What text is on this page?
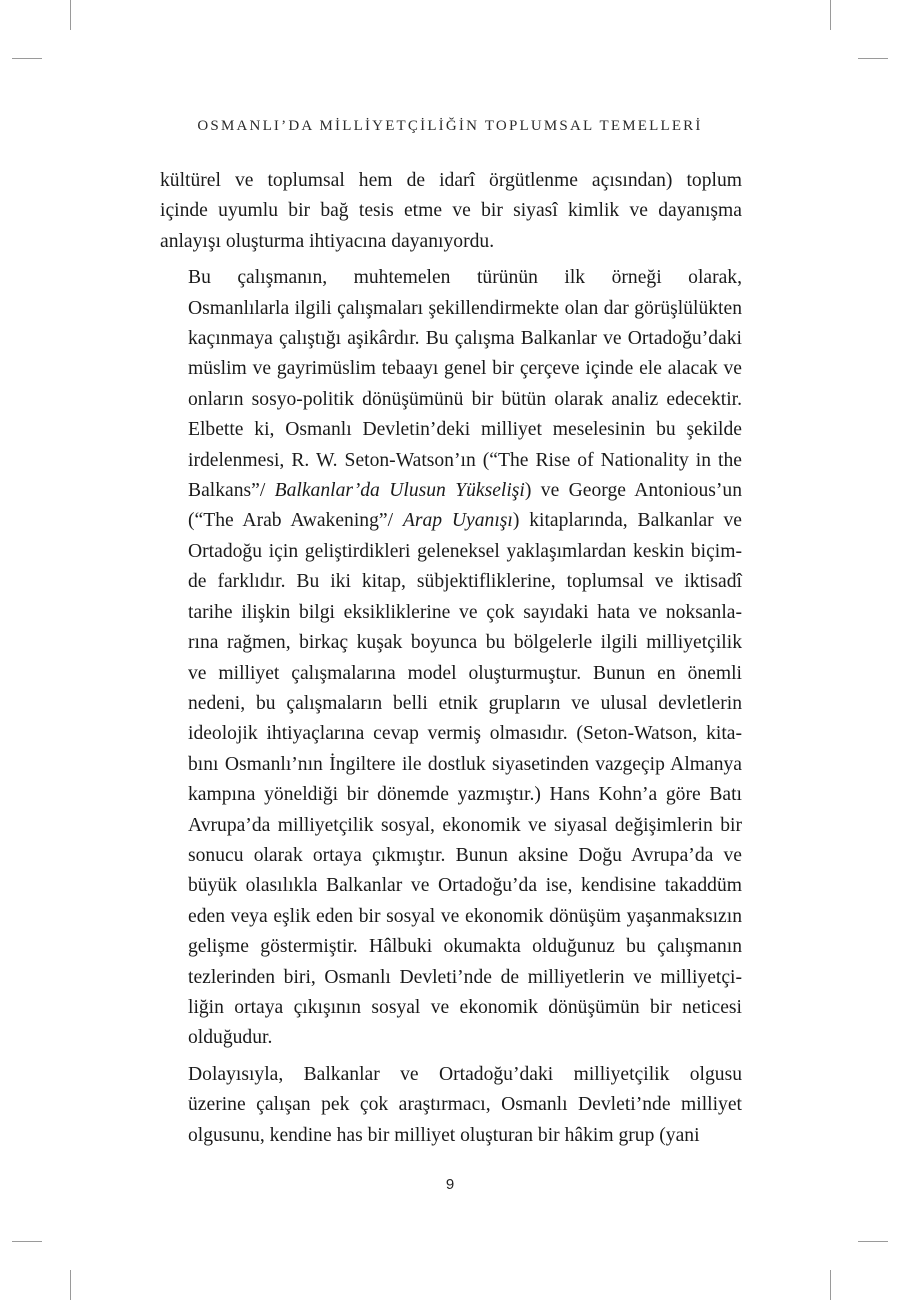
OSMANLI’DA MİLLİYETÇİLİĞİN TOPLUMSAL TEMELLERİ
kültürel ve toplumsal hem de idarî örgütlenme açısından) toplum
içinde uyumlu bir bağ tesis etme ve bir siyasî kimlik ve dayanışma
anlayışı oluşturma ihtiyacına dayanıyordu.
Bu çalışmanın, muhtemelen türünün ilk örneği olarak,
Osmanlılarla ilgili çalışmaları şekillendirmekte olan dar görüşlülükten
kaçınmaya çalıştığı aşikârdır. Bu çalışma Balkanlar ve Ortadoğu’daki
müslim ve gayrimüslim tebaayı genel bir çerçeve içinde ele alacak ve
onların sosyo-politik dönüşümünü bir bütün olarak analiz edecektir.
Elbette ki, Osmanlı Devletin’deki milliyet meselesinin bu şekilde
irdelenmesi, R. W. Seton-Watson’ın (“The Rise of Nationality in the
Balkans”/ Balkanlar’da Ulusun Yükselişi) ve George Antonious’un
(“The Arab Awakening”/ Arap Uyanışı) kitaplarında, Balkanlar ve
Ortadoğu için geliştirdikleri geleneksel yaklaşımlardan keskin biçim-
de farklıdır. Bu iki kitap, sübjektifliklerine, toplumsal ve iktisadî
tarihe ilişkin bilgi eksikliklerine ve çok sayıdaki hata ve noksanla-
rına rağmen, birkaç kuşak boyunca bu bölgelerle ilgili milliyetçilik
ve milliyet çalışmalarına model oluşturmuştur. Bunun en önemli
nedeni, bu çalışmaların belli etnik grupların ve ulusal devletlerin
ideolojik ihtiyaçlarına cevap vermiş olmasıdır. (Seton-Watson, kita-
bını Osmanlı’nın İngiltere ile dostluk siyasetinden vazgeçip Almanya
kampına yöneldiği bir dönemde yazmıştır.) Hans Kohn’a göre Batı
Avrupa’da milliyetçilik sosyal, ekonomik ve siyasal değişimlerin bir
sonucu olarak ortaya çıkmıştır. Bunun aksine Doğu Avrupa’da ve
büyük olasılıkla Balkanlar ve Ortadoğu’da ise, kendisine takaddüm
eden veya eşlik eden bir sosyal ve ekonomik dönüşüm yaşanmaksızın
gelişme göstermiştir. Hâlbuki okumakta olduğunuz bu çalışmanın
tezlerinden biri, Osmanlı Devleti’nde de milliyetlerin ve milliyetçi-
liğin ortaya çıkışının sosyal ve ekonomik dönüşümün bir neticesi
olduğudur.
Dolayısıyla, Balkanlar ve Ortadoğu’daki milliyetçilik olgusu
üzerine çalışan pek çok araştırmacı, Osmanlı Devleti’nde milliyet
olgusunu, kendine has bir milliyet oluşturan bir hâkim grup (yani
9
